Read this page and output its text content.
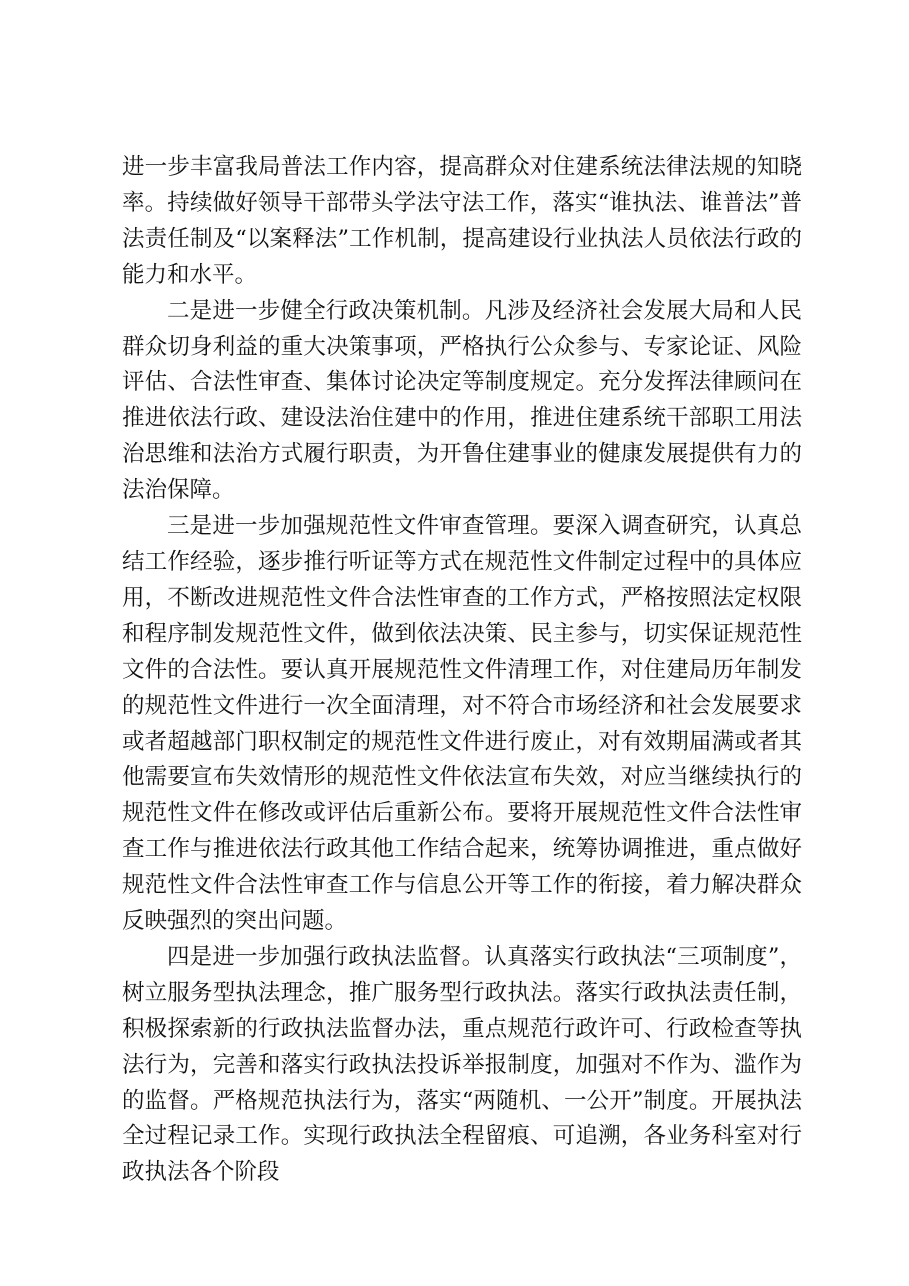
进一步丰富我局普法工作内容，提高群众对住建系统法律法规的知晓率。持续做好领导干部带头学法守法工作，落实“谁执法、谁普法”普法责任制及“以案释法”工作机制，提高建设行业执法人员依法行政的能力和水平。

二是进一步健全行政决策机制。凡涉及经济社会发展大局和人民群众切身利益的重大决策事项，严格执行公众参与、专家论证、风险评估、合法性审查、集体讨论决定等制度规定。充分发挥法律顾问在推进依法行政、建设法治住建中的作用，推进住建系统干部职工用法治思维和法治方式履行职责，为开鲁住建事业的健康发展提供有力的法治保障。

三是进一步加强规范性文件审查管理。要深入调查研究，认真总结工作经验，逐步推行听证等方式在规范性文件制定过程中的具体应用，不断改进规范性文件合法性审查的工作方式，严格按照法定权限和程序制发规范性文件，做到依法决策、民主参与，切实保证规范性文件的合法性。要认真开展规范性文件清理工作，对住建局历年制发的规范性文件进行一次全面清理，对不符合市场经济和社会发展要求或者超越部门职权制定的规范性文件进行废止，对有效期届满或者其他需要宣布失效情形的规范性文件依法宣布失效，对应当继续执行的规范性文件在修改或评估后重新公布。要将开展规范性文件合法性审查工作与推进依法行政其他工作结合起来，统筹协调推进，重点做好规范性文件合法性审查工作与信息公开等工作的衔接，着力解决群众反映强烈的突出问题。

四是进一步加强行政执法监督。认真落实行政执法“三项制度”，树立服务型执法理念，推广服务型行政执法。落实行政执法责任制，积极探索新的行政执法监督办法，重点规范行政许可、行政检查等执法行为，完善和落实行政执法投诉举报制度，加强对不作为、滥作为的监督。严格规范执法行为，落实“两随机、一公开”制度。开展执法全过程记录工作。实现行政执法全程留痕、可追溯，各业务科室对行政执法各个阶段
